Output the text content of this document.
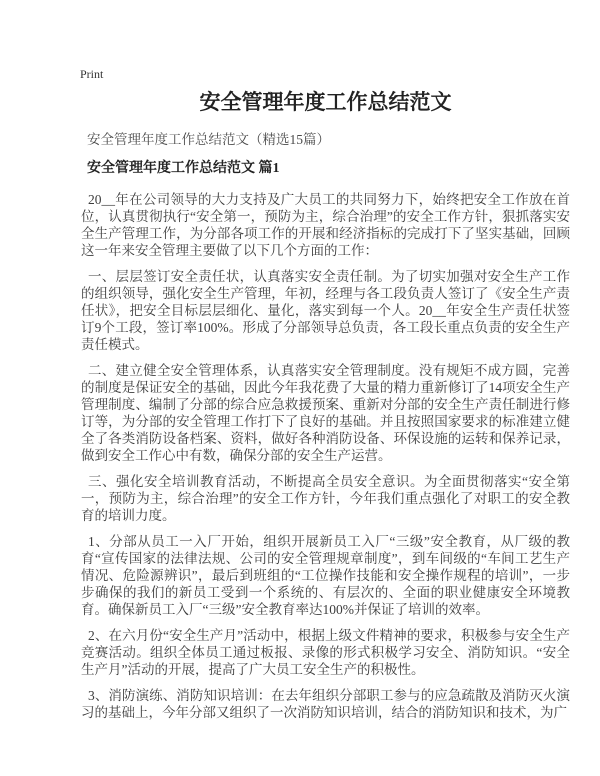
Print
安全管理年度工作总结范文
安全管理年度工作总结范文（精选15篇）
安全管理年度工作总结范文 篇1

20__年在公司领导的大力支持及广大员工的共同努力下，始终把安全工作放在首位，认真贯彻执行“安全第一，预防为主，综合治理”的安全工作方针，狠抓落实安全生产管理工作，为分部各项工作的开展和经济指标的完成打下了坚实基础，回顾这一年来安全管理主要做了以下几个方面的工作：

一、层层签订安全责任状，认真落实安全责任制。为了切实加强对安全生产工作的组织领导，强化安全生产管理，年初，经理与各工段负责人签订了《安全生产责任状》，把安全目标层层细化、量化，落实到每一个人。20__年安全生产责任状签订9个工段，签订率100%。形成了分部领导总负责，各工段长重点负责的安全生产责任模式。

二、建立健全安全管理体系，认真落实安全管理制度。没有规矩不成方圆，完善的制度是保证安全的基础，因此今年我花费了大量的精力重新修订了14项安全生产管理制度、编制了分部的综合应急救援预案、重新对分部的安全生产责任制进行修订等，为分部的安全管理工作打下了良好的基础。并且按照国家要求的标准建立健全了各类消防设备档案、资料，做好各种消防设备、环保设施的运转和保养记录，做到安全工作心中有数，确保分部的安全生产运营。

三、强化安全培训教育活动，不断提高全员安全意识。为全面贯彻落实“安全第一，预防为主，综合治理”的安全工作方针，今年我们重点强化了对职工的安全教育的培训力度。

1、分部从员工一入厂开始，组织开展新员工入厂“三级”安全教育，从厂级的教育“宣传国家的法律法规、公司的安全管理规章制度”，到车间级的“车间工艺生产情况、危险源辨识”，最后到班组的“工位操作技能和安全操作规程的培训”，一步步确保的我们的新员工受到一个系统的、有层次的、全面的职业健康安全环境教育。确保新员工入厂“三级”安全教育率达100%并保证了培训的效率。

2、在六月份“安全生产月”活动中，根据上级文件精神的要求，积极参与安全生产竞赛活动。组织全体员工通过板报、录像的形式积极学习安全、消防知识。“安全生产月”活动的开展，提高了广大员工安全生产的积极性。

3、消防演练、消防知识培训：在去年组织分部职工参与的应急疏散及消防灭火演习的基础上，今年分部又组织了一次消防知识培训，结合的消防知识和技术，为广
